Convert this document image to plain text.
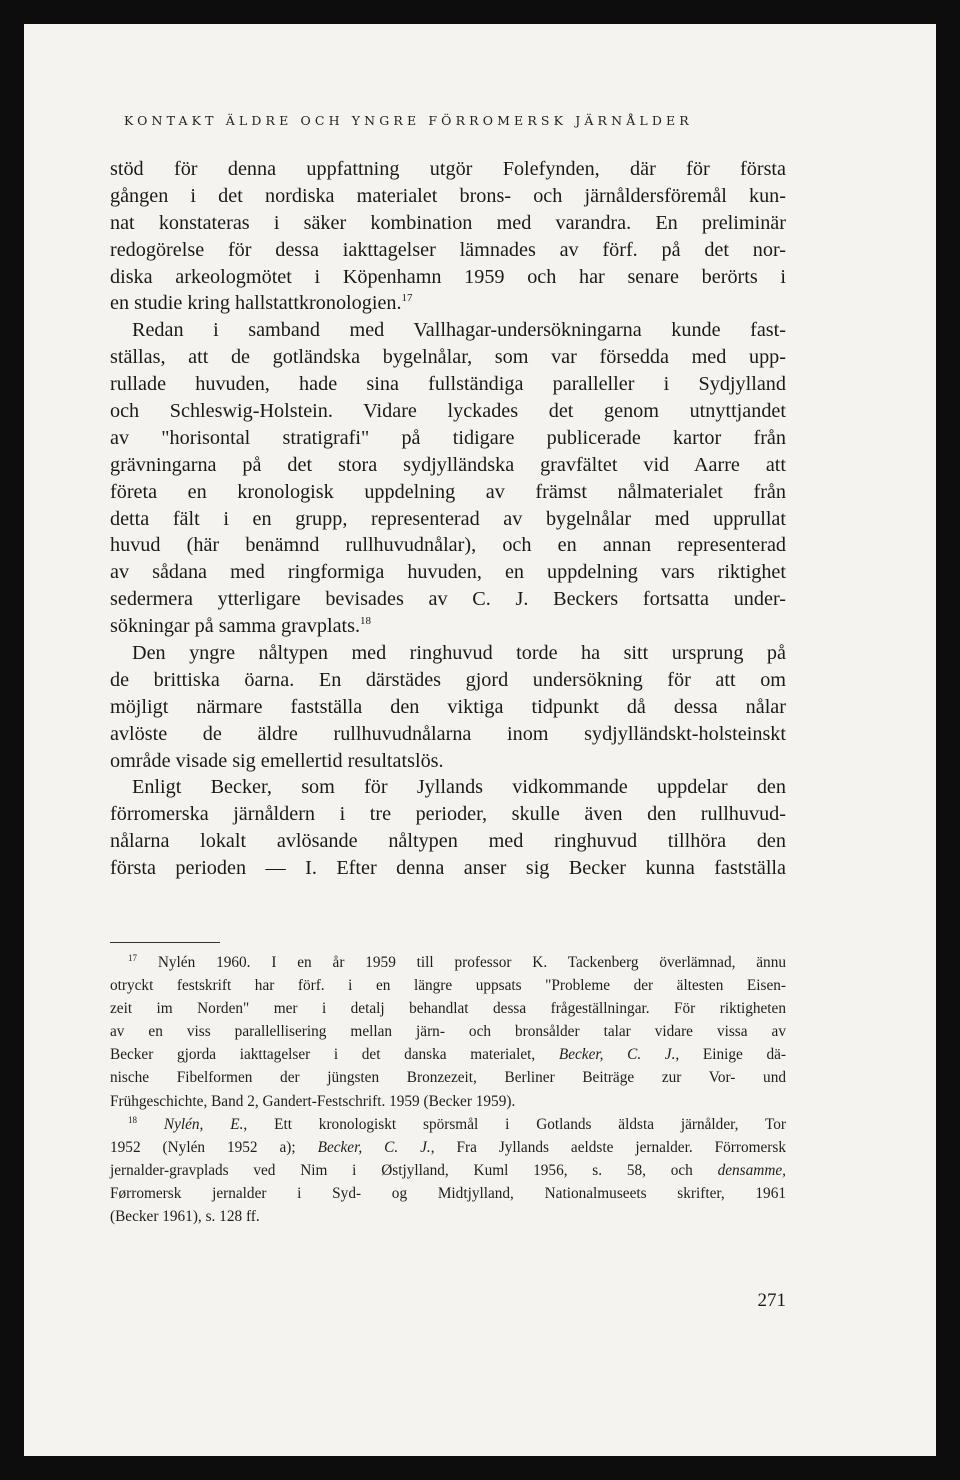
KONTAKT ÄLDRE OCH YNGRE FÖRROMERSK JÄRNÅLDER
stöd för denna uppfattning utgör Folefynden, där för första
gången i det nordiska materialet brons- och järnåldersföremål kun-
nat konstateras i säker kombination med varandra. En preliminär
redogörelse för dessa iakttagelser lämnades av förf. på det nor-
diska arkeologmötet i Köpenhamn 1959 och har senare berörts i
en studie kring hallstattkronologien.$^{17}$
Redan i samband med Vallhagar-undersökningarna kunde fast-
ställas, att de gotländska bygelnålar, som var försedda med upp-
rullade huvuden, hade sina fullständiga paralleller i Sydjylland
och Schleswig-Holstein. Vidare lyckades det genom utnyttjandet
av "horisontal stratigrafi" på tidigare publicerade kartor från
grävningarna på det stora sydjylländska gravfältet vid Aarre att
företa en kronologisk uppdelning av främst nålmaterialet från
detta fält i en grupp, representerad av bygelnålar med upprullat
huvud (här benämnd rullhuvudnålar), och en annan representerad
av sådana med ringformiga huvuden, en uppdelning vars riktighet
sedermera ytterligare bevisades av C. J. Beckers fortsatta under-
sökningar på samma gravplats.$^{18}$
Den yngre nåltypen med ringhuvud torde ha sitt ursprung på
de brittiska öarna. En därstädes gjord undersökning för att om
möjligt närmare fastställa den viktiga tidpunkt då dessa nålar
avlöste de äldre rullhuvudnålarna inom sydjylländskt-holsteinskt
område visade sig emellertid resultatslös.
Enligt Becker, som för Jyllands vidkommande uppdelar den
förromerska järnåldern i tre perioder, skulle även den rullhuvud-
nålarna lokalt avlösande nåltypen med ringhuvud tillhöra den
första perioden — I. Efter denna anser sig Becker kunna fastställa
$^{17}$ Nylén 1960. I en år 1959 till professor K. Tackenberg överlämnad, ännu
otryckt festskrift har förf. i en längre uppsats "Probleme der ältesten Eisen-
zeit im Norden" mer i detalj behandlat dessa frågeställningar. För riktigheten
av en viss parallellisering mellan järn- och bronsålder talar vidare vissa av
Becker gjorda iakttagelser i det danska materialet, Becker, C. J., Einige dä-
nische Fibelformen der jüngsten Bronzezeit, Berliner Beiträge zur Vor- und
Frühgeschichte, Band 2, Gandert-Festschrift. 1959 (Becker 1959).
$^{18}$ Nylén, E., Ett kronologiskt spörsmål i Gotlands äldsta järnålder, Tor
1952 (Nylén 1952 a); Becker, C. J., Fra Jyllands aeldste jernalder. Förromersk
jernalder-gravplads ved Nim i Østjylland, Kuml 1956, s. 58, och densamme,
Førromersk jernalder i Syd- og Midtjylland, Nationalmuseets skrifter, 1961
(Becker 1961), s. 128 ff.
271
